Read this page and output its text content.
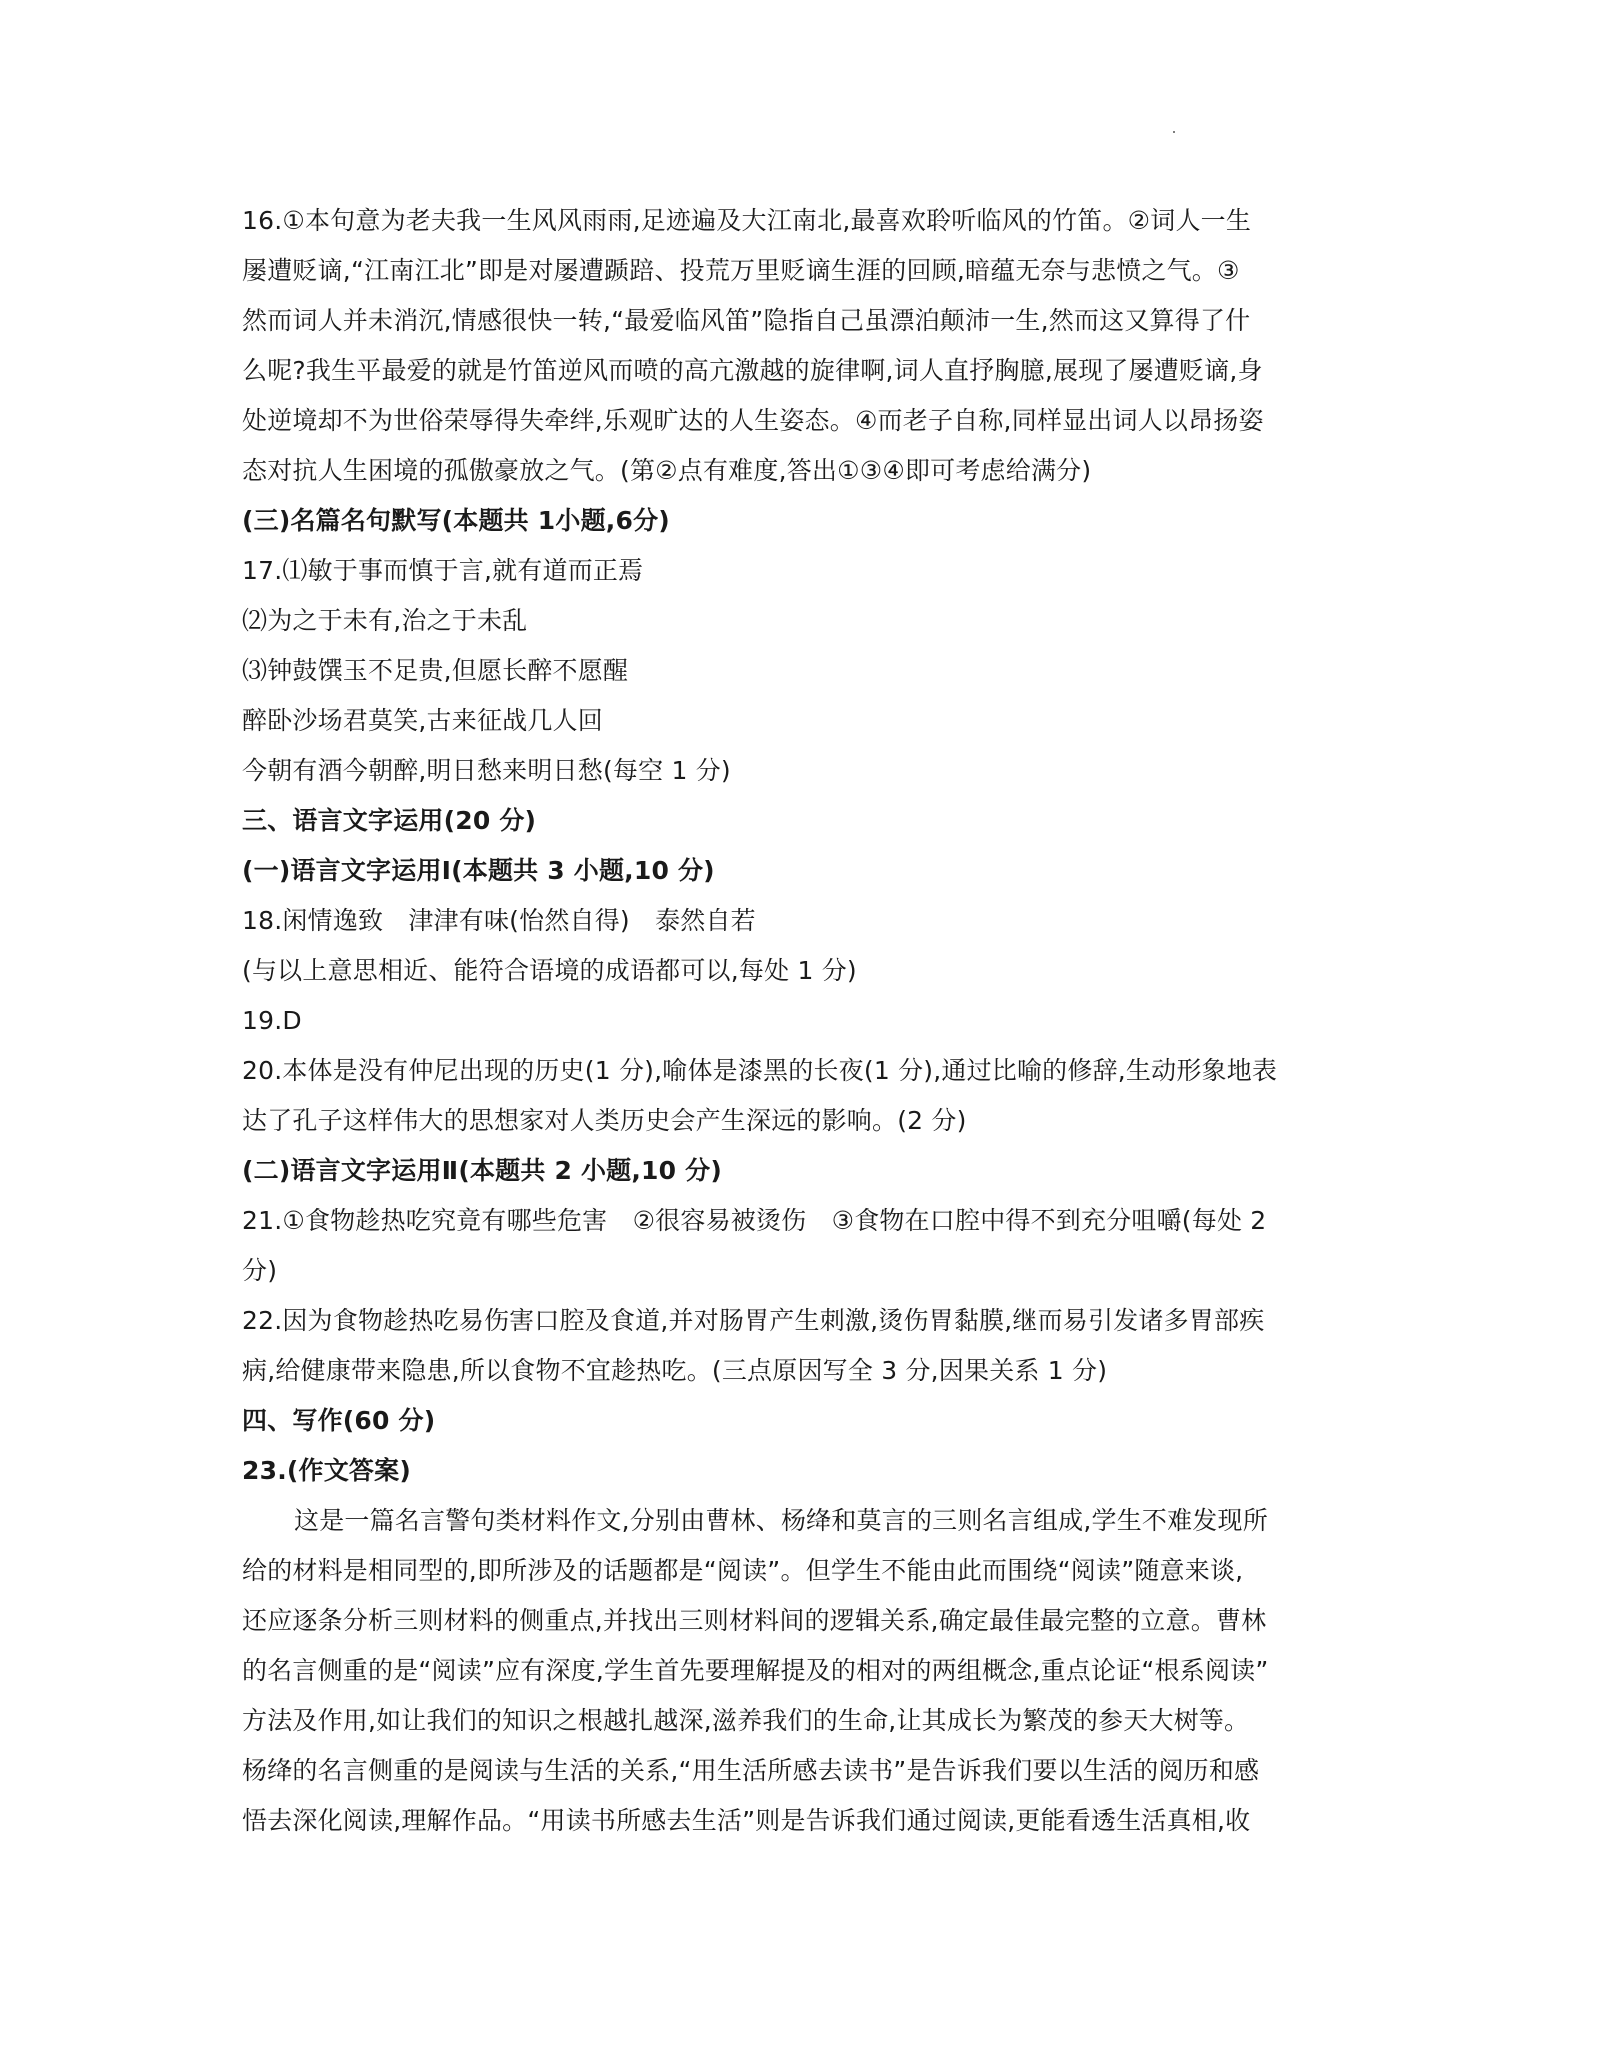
16.①本句意为老夫我一生风风雨雨,足迹遍及大江南北,最喜欢聆听临风的竹笛。②词人一生
屡遭贬谪,“江南江北”即是对屡遭踬踣、投荒万里贬谪生涯的回顾,暗蕴无奈与悲愤之气。③
然而词人并未消沉,情感很快一转,“最爱临风笛”隐指自己虽漂泊颠沛一生,然而这又算得了什
么呢?我生平最爱的就是竹笛逆风而喷的高亢激越的旋律啊,词人直抒胸臆,展现了屡遭贬谪,身
处逆境却不为世俗荣辱得失牵绊,乐观旷达的人生姿态。④而老子自称,同样显出词人以昂扬姿
态对抗人生困境的孤傲豪放之气。(第②点有难度,答出①③④即可考虑给满分)
(三)名篇名句默写(本题共 1小题,6分)
17.⑴敏于事而慎于言,就有道而正焉
⑵为之于未有,治之于未乱
⑶钟鼓馔玉不足贵,但愿长醉不愿醒
醉卧沙场君莫笑,古来征战几人回
今朝有酒今朝醉,明日愁来明日愁(每空 1 分)
三、语言文字运用(20 分)
(一)语言文字运用Ⅰ(本题共 3 小题,10 分)
18.闲情逸致　津津有味(怡然自得)　泰然自若
(与以上意思相近、能符合语境的成语都可以,每处 1 分)
19.D
20.本体是没有仲尼出现的历史(1 分),喻体是漆黑的长夜(1 分),通过比喻的修辞,生动形象地表
达了孔子这样伟大的思想家对人类历史会产生深远的影响。(2 分)
(二)语言文字运用Ⅱ(本题共 2 小题,10 分)
21.①食物趁热吃究竟有哪些危害　②很容易被烫伤　③食物在口腔中得不到充分咀嚼(每处 2
分)
22.因为食物趁热吃易伤害口腔及食道,并对肠胃产生刺激,烫伤胃黏膜,继而易引发诸多胃部疾
病,给健康带来隐患,所以食物不宜趁热吃。(三点原因写全 3 分,因果关系 1 分)
四、写作(60 分)
23.(作文答案)
这是一篇名言警句类材料作文,分别由曹林、杨绛和莫言的三则名言组成,学生不难发现所
给的材料是相同型的,即所涉及的话题都是“阅读”。但学生不能由此而围绕“阅读”随意来谈,
还应逐条分析三则材料的侧重点,并找出三则材料间的逻辑关系,确定最佳最完整的立意。曹林
的名言侧重的是“阅读”应有深度,学生首先要理解提及的相对的两组概念,重点论证“根系阅读”
方法及作用,如让我们的知识之根越扎越深,滋养我们的生命,让其成长为繁茂的参天大树等。
杨绛的名言侧重的是阅读与生活的关系,“用生活所感去读书”是告诉我们要以生活的阅历和感
悟去深化阅读,理解作品。“用读书所感去生活”则是告诉我们通过阅读,更能看透生活真相,收
